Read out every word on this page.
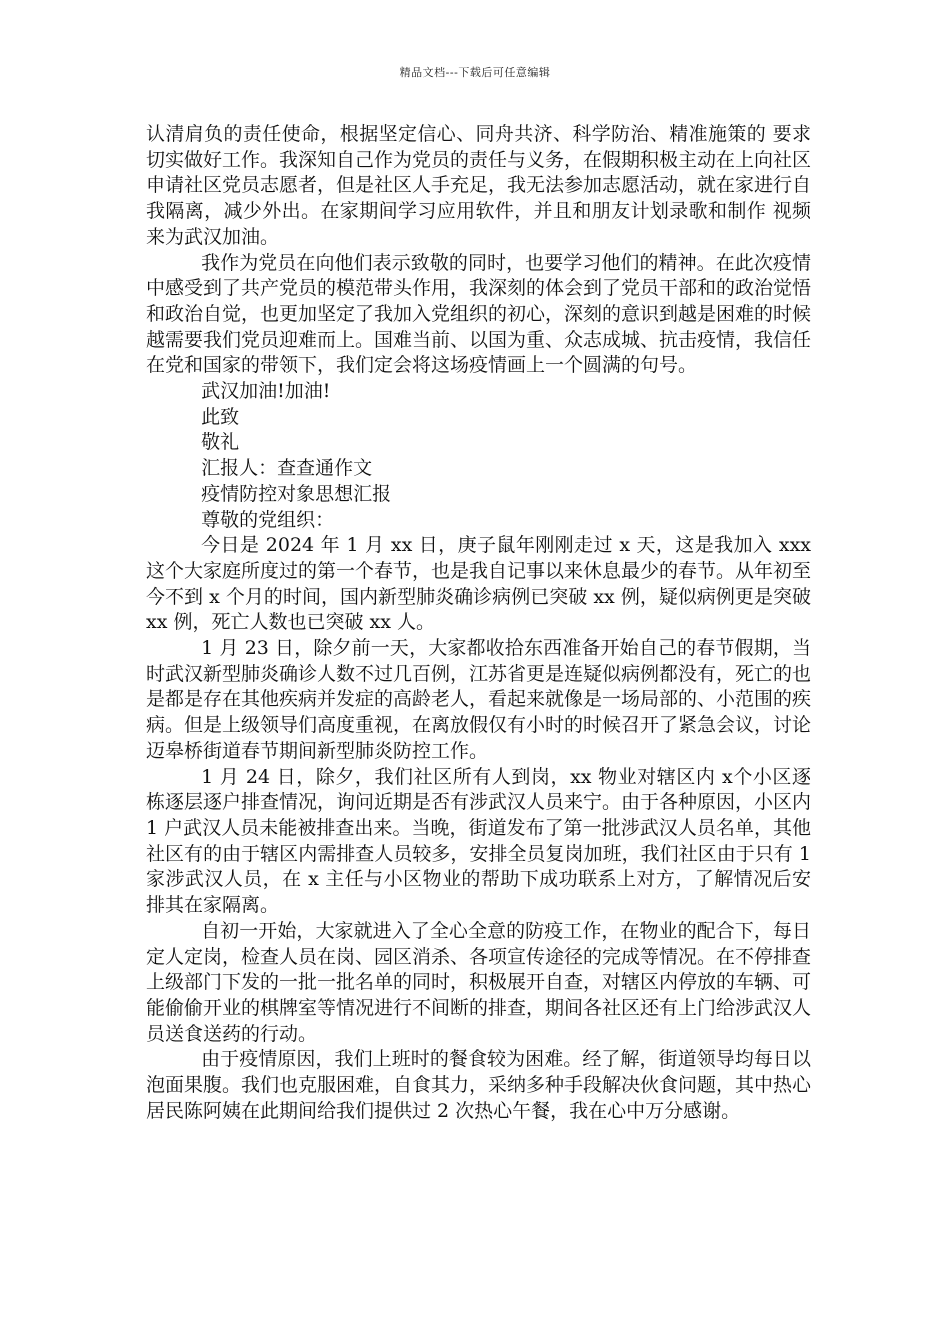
精品文档---下载后可任意编辑

认清肩负的责任使命，根据坚定信心、同舟共济、科学防治、精准施策的 要求切实做好工作。我深知自己作为党员的责任与义务，在假期积极主动在上向社区申请社区党员志愿者，但是社区人手充足，我无法参加志愿活动，就在家进行自我隔离，减少外出。在家期间学习应用软件，并且和朋友计划录歌和制作 视频来为武汉加油。

我作为党员在向他们表示致敬的同时，也要学习他们的精神。在此次疫情中感受到了共产党员的模范带头作用，我深刻的体会到了党员干部和的政治觉悟和政治自觉，也更加坚定了我加入党组织的初心，深刻的意识到越是困难的时候越需要我们党员迎难而上。国难当前、以国为重、众志成城、抗击疫情，我信任在党和国家的带领下，我们定会将这场疫情画上一个圆满的句号。

武汉加油!加油!

此致

敬礼

汇报人：查查通作文

疫情防控对象思想汇报

尊敬的党组织：

今日是 2024 年 1 月 xx 日，庚子鼠年刚刚走过 x 天，这是我加入 xxx 这个大家庭所度过的第一个春节，也是我自记事以来休息最少的春节。从年初至今不到 x 个月的时间，国内新型肺炎确诊病例已突破 xx 例，疑似病例更是突破 xx 例，死亡人数也已突破 xx 人。

1 月 23 日，除夕前一天，大家都收拾东西准备开始自己的春节假期，当时武汉新型肺炎确诊人数不过几百例，江苏省更是连疑似病例都没有，死亡的也是都是存在其他疾病并发症的高龄老人，看起来就像是一场局部的、小范围的疾病。但是上级领导们高度重视，在离放假仅有小时的时候召开了紧急会议，讨论迈皋桥街道春节期间新型肺炎防控工作。

1 月 24 日，除夕，我们社区所有人到岗，xx 物业对辖区内 x个小区逐栋逐层逐户排查情况，询问近期是否有涉武汉人员来宁。由于各种原因，小区内 1 户武汉人员未能被排查出来。当晚，街道发布了第一批涉武汉人员名单，其他社区有的由于辖区内需排查人员较多，安排全员复岗加班，我们社区由于只有 1 家涉武汉人员，在 x 主任与小区物业的帮助下成功联系上对方，了解情况后安排其在家隔离。

自初一开始，大家就进入了全心全意的防疫工作，在物业的配合下，每日定人定岗，检查人员在岗、园区消杀、各项宣传途径的完成等情况。在不停排查上级部门下发的一批一批名单的同时，积极展开自查，对辖区内停放的车辆、可能偷偷开业的棋牌室等情况进行不间断的排查，期间各社区还有上门给涉武汉人员送食送药的行动。

由于疫情原因，我们上班时的餐食较为困难。经了解，街道领导均每日以泡面果腹。我们也克服困难，自食其力，采纳多种手段解决伙食问题，其中热心居民陈阿姨在此期间给我们提供过 2 次热心午餐，我在心中万分感谢。
